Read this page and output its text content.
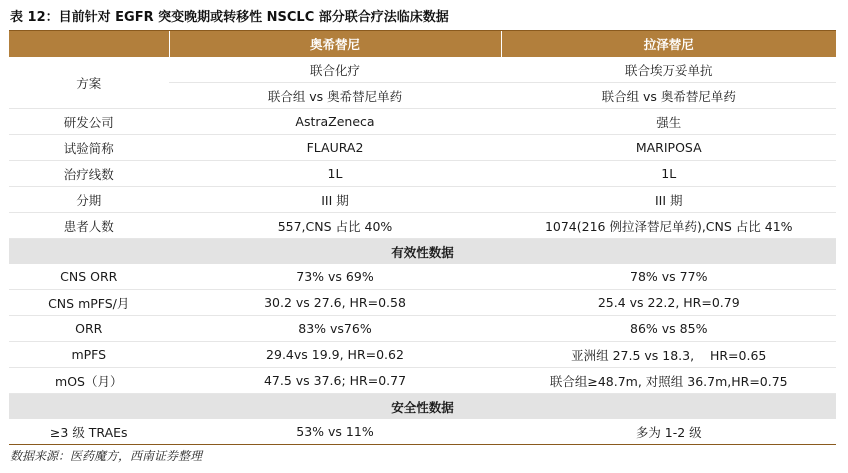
表 12：目前针对 EGFR 突变晚期或转移性 NSCLC 部分联合疗法临床数据
	奥希替尼	拉泽替尼
方案	联合化疗	联合埃万妥单抗
	联合组 vs 奥希替尼单药	联合组 vs 奥希替尼单药
研发公司	AstraZeneca	强生
试验简称	FLAURA2	MARIPOSA
治疗线数	1L	1L
分期	III 期	III 期
患者人数	557,CNS 占比 40%	1074(216 例拉泽替尼单药),CNS 占比 41%
有效性数据		
CNS ORR	73% vs 69%	78% vs 77%
CNS mPFS/月	30.2 vs 27.6, HR=0.58	25.4 vs 22.2, HR=0.79
ORR	83% vs76%	86% vs 85%
mPFS	29.4vs 19.9, HR=0.62	亚洲组 27.5 vs 18.3,    HR=0.65
mOS（月）	47.5 vs 37.6; HR=0.77	联合组≥48.7m, 对照组 36.7m,HR=0.75
安全性数据		
≥3 级 TRAEs	53% vs 11%	多为 1-2 级
数据来源：医药魔方，西南证券整理
